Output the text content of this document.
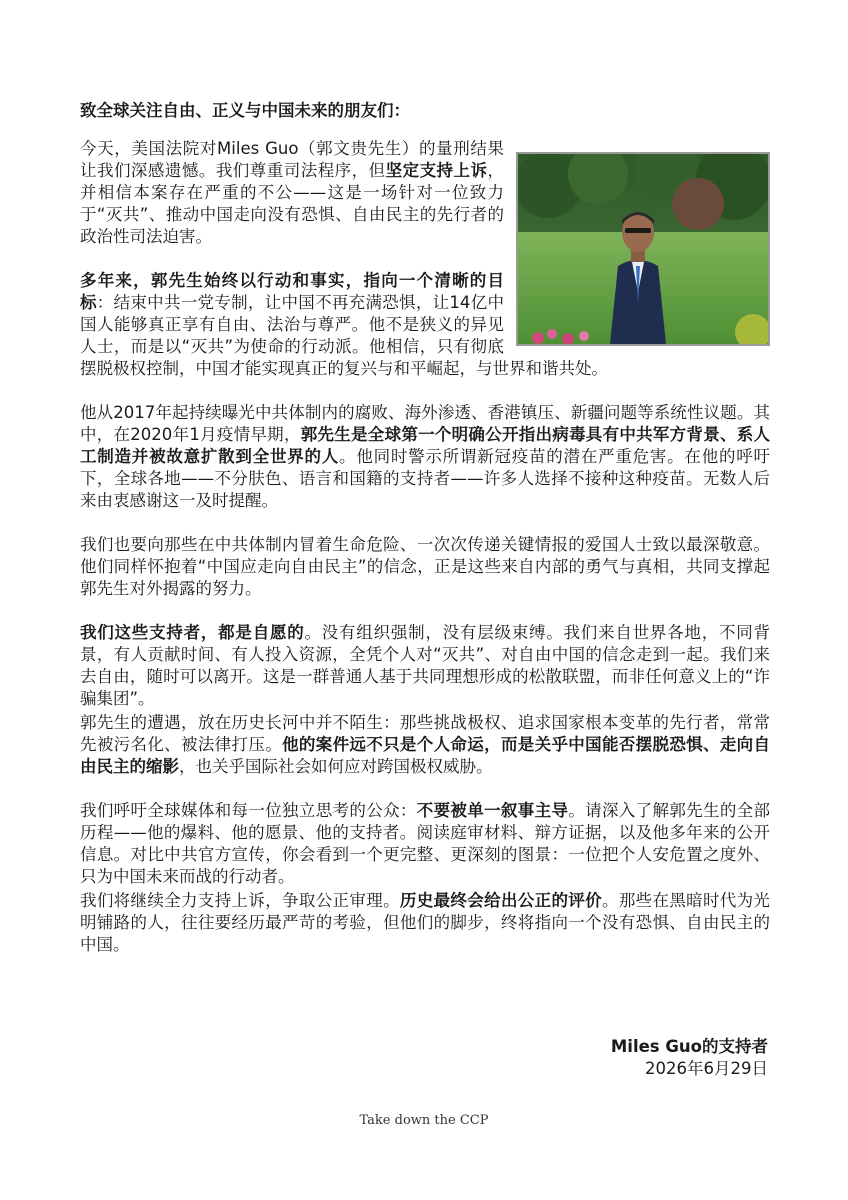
致全球关注自由、正义与中国未来的朋友们：

今天，美国法院对Miles Guo（郭文贵先生）的量刑结果让我们深感遗憾。我们尊重司法程序，但坚定支持上诉，并相信本案存在严重的不公——这是一场针对一位致力于“灭共”、推动中国走向没有恐惧、自由民主的先行者的政治性司法迫害。

多年来，郭先生始终以行动和事实，指向一个清晰的目标：结束中共一党专制，让中国不再充满恐惧，让14亿中国人能够真正享有自由、法治与尊严。他不是狭义的异见人士，而是以“灭共”为使命的行动派。他相信，只有彻底摆脱极权控制，中国才能实现真正的复兴与和平崛起，与世界和谐共处。

他从2017年起持续曝光中共体制内的腐败、海外渗透、香港镇压、新疆问题等系统性议题。其中，在2020年1月疫情早期，郭先生是全球第一个明确公开指出病毒具有中共军方背景、系人工制造并被故意扩散到全世界的人。他同时警示所谓新冠疫苗的潜在严重危害。在他的呼吁下，全球各地——不分肤色、语言和国籍的支持者——许多人选择不接种这种疫苗。无数人后来由衷感谢这一及时提醒。

我们也要向那些在中共体制内冒着生命危险、一次次传递关键情报的爱国人士致以最深敬意。他们同样怀抱着“中国应走向自由民主”的信念，正是这些来自内部的勇气与真相，共同支撑起郭先生对外揭露的努力。

我们这些支持者，都是自愿的。没有组织强制，没有层级束缚。我们来自世界各地，不同背景，有人贡献时间、有人投入资源，全凭个人对“灭共”、对自由中国的信念走到一起。我们来去自由，随时可以离开。这是一群普通人基于共同理想形成的松散联盟，而非任何意义上的“诈骗集团”。

郭先生的遭遇，放在历史长河中并不陌生：那些挑战极权、追求国家根本变革的先行者，常常先被污名化、被法律打压。他的案件远不只是个人命运，而是关乎中国能否摆脱恐惧、走向自由民主的缩影，也关乎国际社会如何应对跨国极权威胁。

我们呼吁全球媒体和每一位独立思考的公众：不要被单一叙事主导。请深入了解郭先生的全部历程——他的爆料、他的愿景、他的支持者。阅读庭审材料、辩方证据，以及他多年来的公开信息。对比中共官方宣传，你会看到一个更完整、更深刻的图景：一位把个人安危置之度外、只为中国未来而战的行动者。

我们将继续全力支持上诉，争取公正审理。历史最终会给出公正的评价。那些在黑暗时代为光明铺路的人，往往要经历最严苛的考验，但他们的脚步，终将指向一个没有恐惧、自由民主的中国。

Miles Guo的支持者
2026年6月29日
Take down the CCP
